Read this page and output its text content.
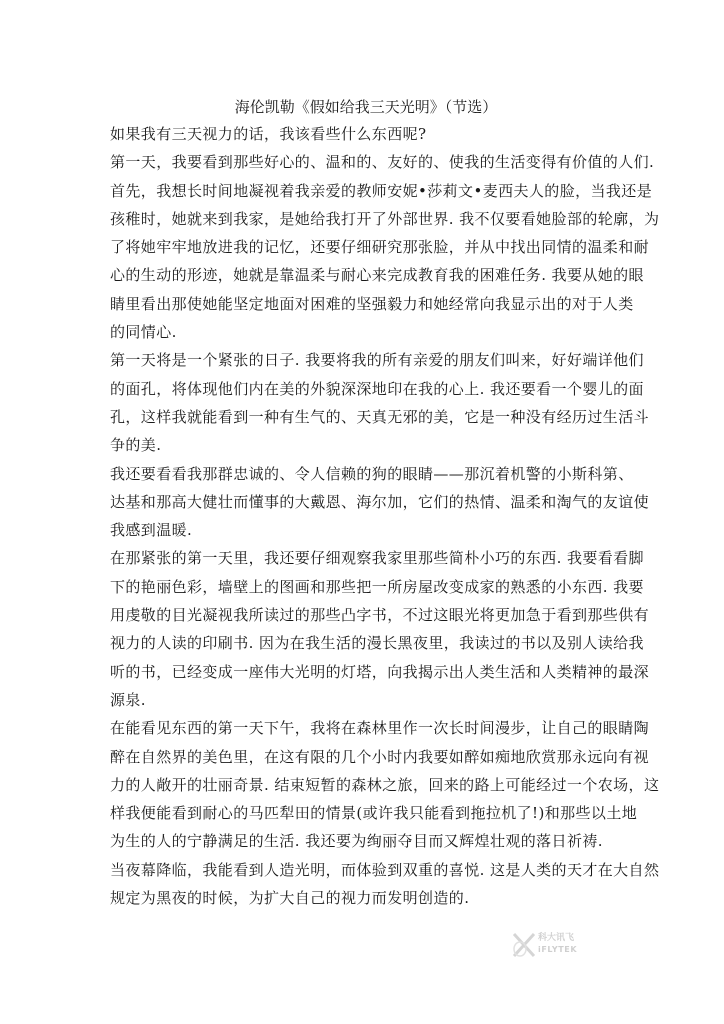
海伦凯勒《假如给我三天光明》（节选）
如果我有三天视力的话，我该看些什么东西呢?
第一天，我要看到那些好心的、温和的、友好的、使我的生活变得有价值的人们.
首先，我想长时间地凝视着我亲爱的教师安妮•莎莉文•麦西夫人的脸，当我还是
孩稚时，她就来到我家，是她给我打开了外部世界. 我不仅要看她脸部的轮廓，为
了将她牢牢地放进我的记忆，还要仔细研究那张脸，并从中找出同情的温柔和耐
心的生动的形迹，她就是靠温柔与耐心来完成教育我的困难任务. 我要从她的眼
睛里看出那使她能坚定地面对困难的坚强毅力和她经常向我显示出的对于人类
的同情心.
第一天将是一个紧张的日子. 我要将我的所有亲爱的朋友们叫来，好好端详他们
的面孔，将体现他们内在美的外貌深深地印在我的心上. 我还要看一个婴儿的面
孔，这样我就能看到一种有生气的、天真无邪的美，它是一种没有经历过生活斗
争的美.
我还要看看我那群忠诚的、令人信赖的狗的眼睛——那沉着机警的小斯科第、
达基和那高大健壮而懂事的大戴恩、海尔加，它们的热情、温柔和淘气的友谊使
我感到温暖.
在那紧张的第一天里，我还要仔细观察我家里那些简朴小巧的东西. 我要看看脚
下的艳丽色彩，墙壁上的图画和那些把一所房屋改变成家的熟悉的小东西. 我要
用虔敬的目光凝视我所读过的那些凸字书，不过这眼光将更加急于看到那些供有
视力的人读的印刷书. 因为在我生活的漫长黑夜里，我读过的书以及别人读给我
听的书，已经变成一座伟大光明的灯塔，向我揭示出人类生活和人类精神的最深
源泉.
在能看见东西的第一天下午，我将在森林里作一次长时间漫步，让自己的眼睛陶
醉在自然界的美色里，在这有限的几个小时内我要如醉如痴地欣赏那永远向有视
力的人敞开的壮丽奇景. 结束短暂的森林之旅，回来的路上可能经过一个农场，这
样我便能看到耐心的马匹犁田的情景(或许我只能看到拖拉机了!)和那些以土地
为生的人的宁静满足的生活. 我还要为绚丽夺目而又辉煌壮观的落日祈祷.
当夜幕降临，我能看到人造光明，而体验到双重的喜悦. 这是人类的天才在大自然
规定为黑夜的时候，为扩大自己的视力而发明创造的.
科大讯飞
iFLYTEK
